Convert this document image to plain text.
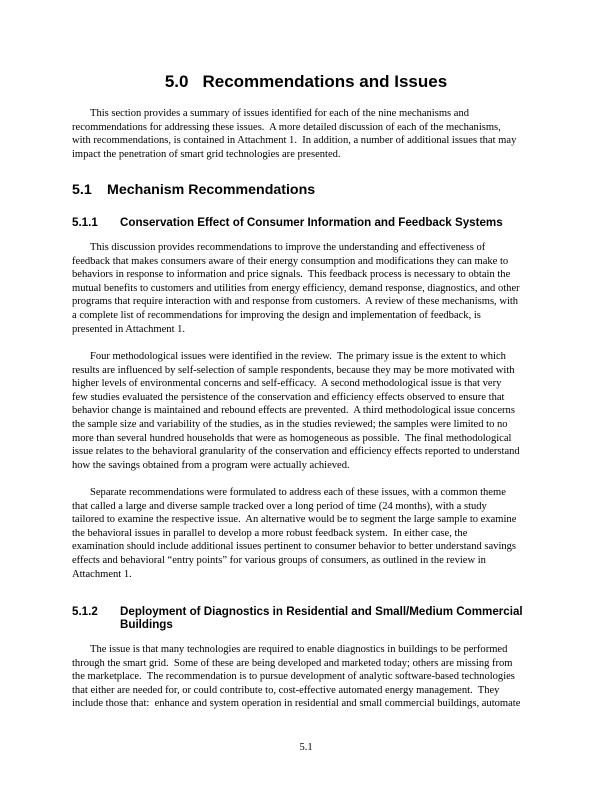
5.0 Recommendations and Issues
This section provides a summary of issues identified for each of the nine mechanisms and
recommendations for addressing these issues.  A more detailed discussion of each of the mechanisms,
with recommendations, is contained in Attachment 1.  In addition, a number of additional issues that may
impact the penetration of smart grid technologies are presented.
5.1 Mechanism Recommendations
5.1.1 Conservation Effect of Consumer Information and Feedback Systems
This discussion provides recommendations to improve the understanding and effectiveness of
feedback that makes consumers aware of their energy consumption and modifications they can make to
behaviors in response to information and price signals.  This feedback process is necessary to obtain the
mutual benefits to customers and utilities from energy efficiency, demand response, diagnostics, and other
programs that require interaction with and response from customers.  A review of these mechanisms, with
a complete list of recommendations for improving the design and implementation of feedback, is
presented in Attachment 1.
Four methodological issues were identified in the review.  The primary issue is the extent to which
results are influenced by self-selection of sample respondents, because they may be more motivated with
higher levels of environmental concerns and self-efficacy.  A second methodological issue is that very
few studies evaluated the persistence of the conservation and efficiency effects observed to ensure that
behavior change is maintained and rebound effects are prevented.  A third methodological issue concerns
the sample size and variability of the studies, as in the studies reviewed; the samples were limited to no
more than several hundred households that were as homogeneous as possible.  The final methodological
issue relates to the behavioral granularity of the conservation and efficiency effects reported to understand
how the savings obtained from a program were actually achieved.
Separate recommendations were formulated to address each of these issues, with a common theme
that called a large and diverse sample tracked over a long period of time (24 months), with a study
tailored to examine the respective issue.  An alternative would be to segment the large sample to examine
the behavioral issues in parallel to develop a more robust feedback system.  In either case, the
examination should include additional issues pertinent to consumer behavior to better understand savings
effects and behavioral “entry points” for various groups of consumers, as outlined in the review in
Attachment 1.
5.1.2 Deployment of Diagnostics in Residential and Small/Medium Commercial
Buildings
The issue is that many technologies are required to enable diagnostics in buildings to be performed
through the smart grid.  Some of these are being developed and marketed today; others are missing from
the marketplace.  The recommendation is to pursue development of analytic software-based technologies
that either are needed for, or could contribute to, cost-effective automated energy management.  They
include those that:  enhance and system operation in residential and small commercial buildings, automate
5.1
